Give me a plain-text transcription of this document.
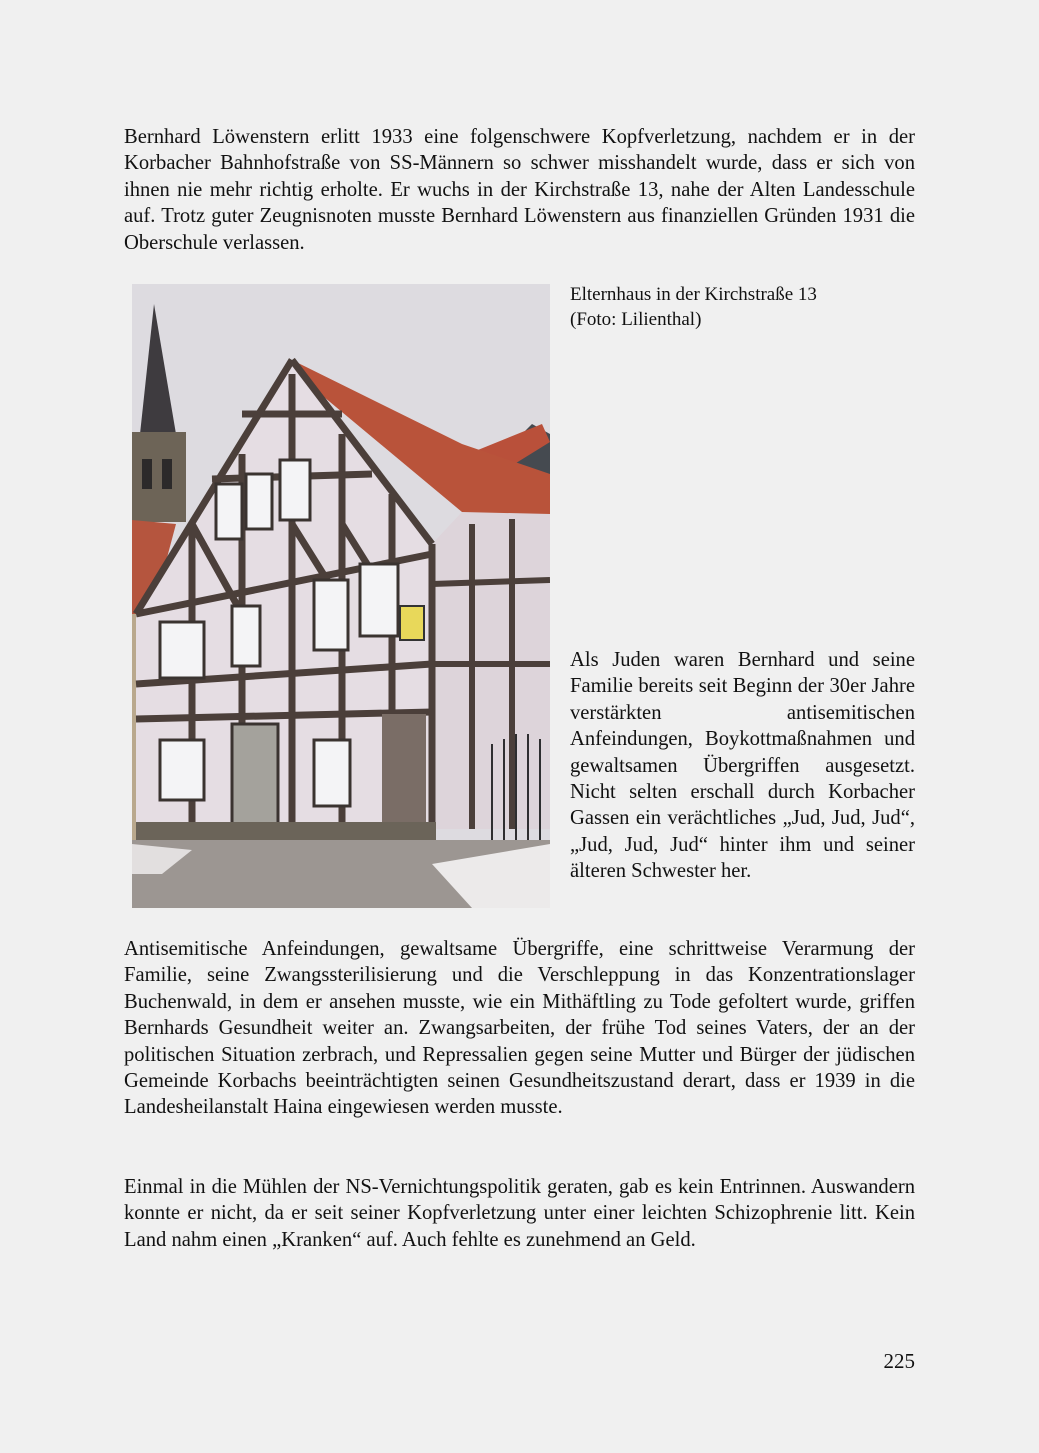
Bernhard Löwenstern erlitt 1933 eine folgenschwere Kopfverletzung, nachdem er in der Korbacher Bahnhofstraße von SS-Männern so schwer misshandelt wurde, dass er sich von ihnen nie mehr richtig erholte. Er wuchs in der Kirchstraße 13, nahe der Alten Landesschule auf. Trotz guter Zeugnisnoten musste Bernhard Löwenstern aus finanziellen Gründen 1931 die Oberschule verlassen.

Elternhaus in der Kirchstraße 13
(Foto: Lilienthal)

Als Juden waren Bernhard und seine Familie bereits seit Beginn der 30er Jahre verstärkten antisemitischen Anfeindungen, Boykottmaßnahmen und gewaltsamen Übergriffen ausgesetzt. Nicht selten erschall durch Korbacher Gassen ein verächtliches „Jud, Jud, Jud“, „Jud, Jud, Jud“ hinter ihm und seiner älteren Schwester her.

Antisemitische Anfeindungen, gewaltsame Übergriffe, eine schrittweise Verarmung der Familie, seine Zwangssterilisierung und die Verschleppung in das Konzentrationslager Buchenwald, in dem er ansehen musste, wie ein Mithäftling zu Tode gefoltert wurde, griffen Bernhards Gesundheit weiter an. Zwangsarbeiten, der frühe Tod seines Vaters, der an der politischen Situation zerbrach, und Repressalien gegen seine Mutter und Bürger der jüdischen Gemeinde Korbachs beeinträchtigten seinen Gesundheitszustand derart, dass er 1939 in die Landesheilanstalt Haina eingewiesen werden musste.

Einmal in die Mühlen der NS-Vernichtungspolitik geraten, gab es kein Entrinnen. Auswandern konnte er nicht, da er seit seiner Kopfverletzung unter einer leichten Schizophrenie litt. Kein Land nahm einen „Kranken“ auf. Auch fehlte es zunehmend an Geld.

225
